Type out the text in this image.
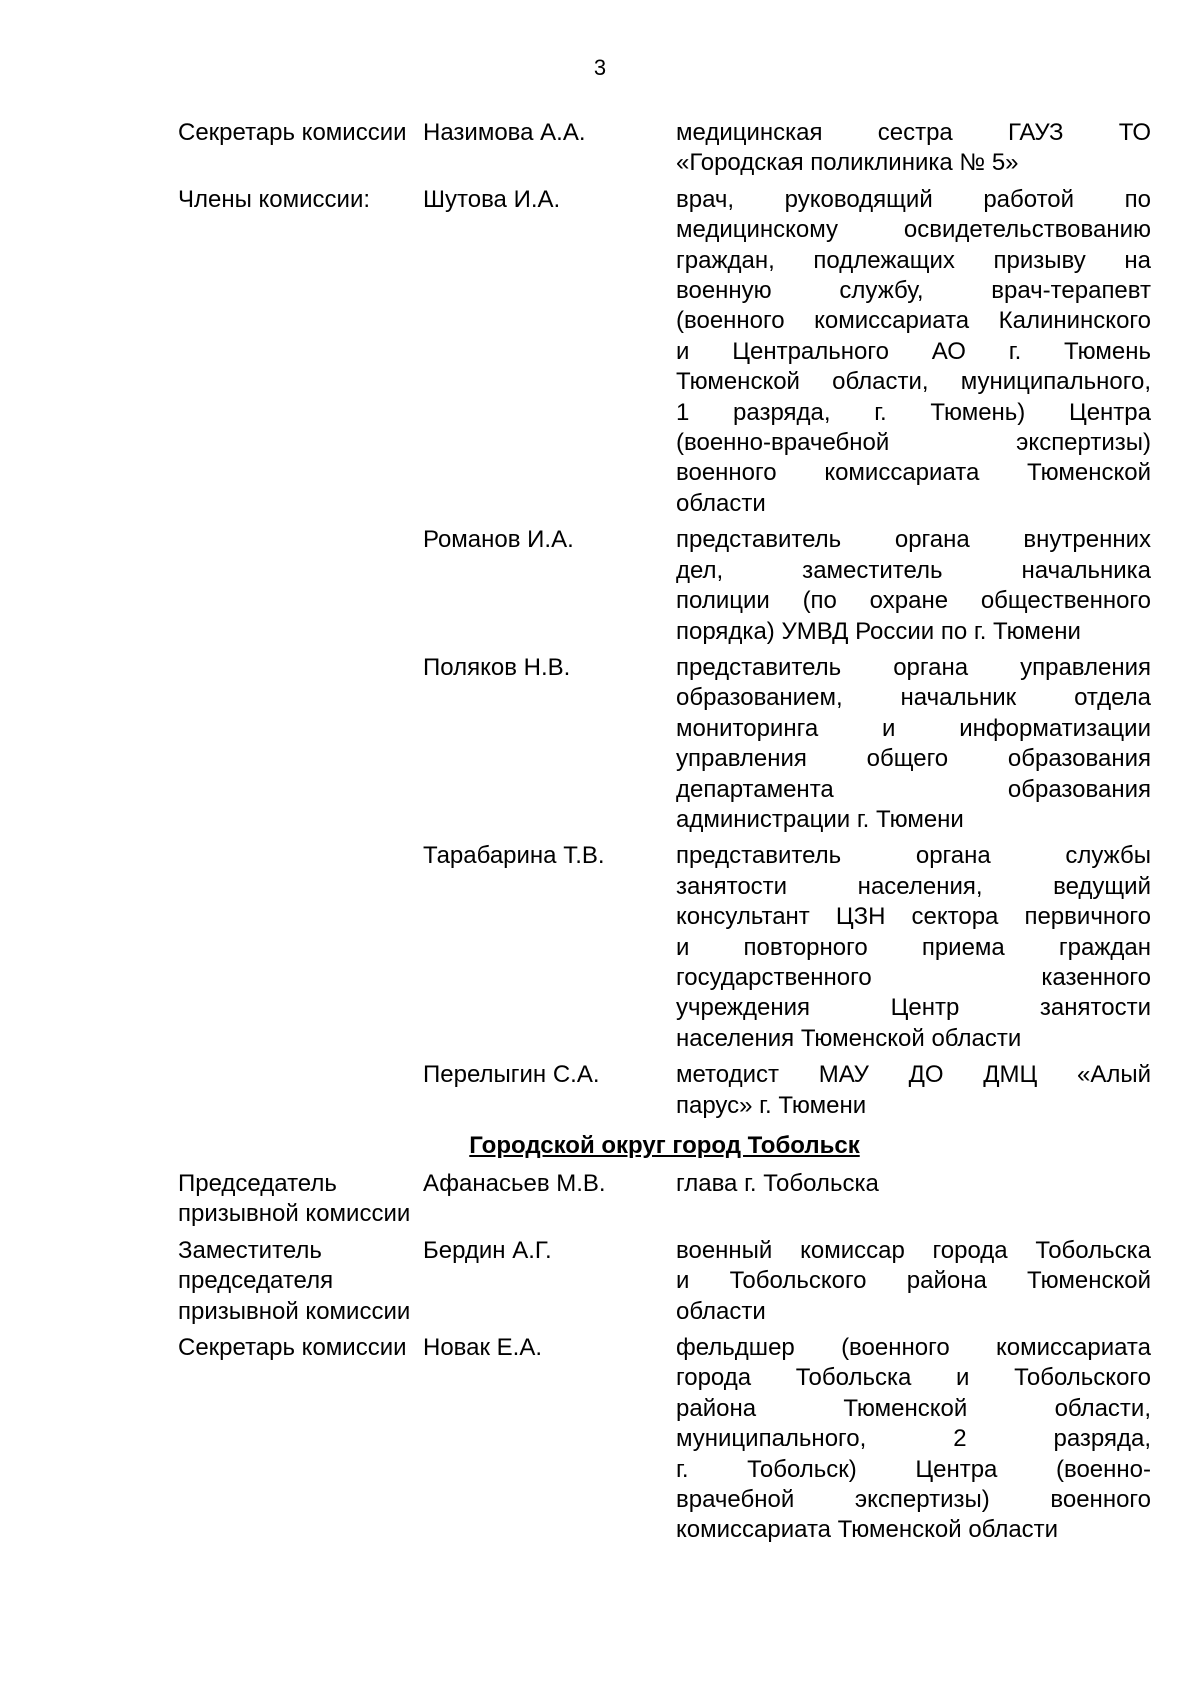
3
Секретарь комиссии Назимова А.А.	медицинская сестра ГАУЗ ТО
«Городская поликлиника № 5»
Члены комиссии:	Шутова И.А.	врач, руководящий работой по
медицинскому освидетельствованию
граждан, подлежащих призыву на
военную службу, врач-терапевт
(военного комиссариата Калининского
и Центрального АО г. Тюмень
Тюменской области, муниципального,
1 разряда, г. Тюмень) Центра
(военно-врачебной экспертизы)
военного комиссариата Тюменской
области
Романов И.А.	представитель органа внутренних
дел, заместитель начальника
полиции (по охране общественного
порядка) УМВД России по г. Тюмени
Поляков Н.В.	представитель органа управления
образованием, начальник отдела
мониторинга и информатизации
управления общего образования
департамента образования
администрации г. Тюмени
Тарабарина Т.В.	представитель органа службы
занятости населения, ведущий
консультант ЦЗН сектора первичного
и повторного приема граждан
государственного казенного
учреждения Центр занятости
населения Тюменской области
Перелыгин С.А.	методист МАУ ДО ДМЦ «Алый
парус» г. Тюмени
Городской округ город Тобольск
Председатель призывной комиссии
Афанасьев М.В.	глава г. Тобольска
Заместитель председателя призывной комиссии
Бердин А.Г.	военный комиссар города Тобольска
и Тобольского района Тюменской
области
Секретарь комиссии Новак Е.А.	фельдшер (военного комиссариата
города Тобольска и Тобольского
района Тюменской области,
муниципального, 2 разряда,
г. Тобольск) Центра (военно-
врачебной экспертизы) военного
комиссариата Тюменской области
